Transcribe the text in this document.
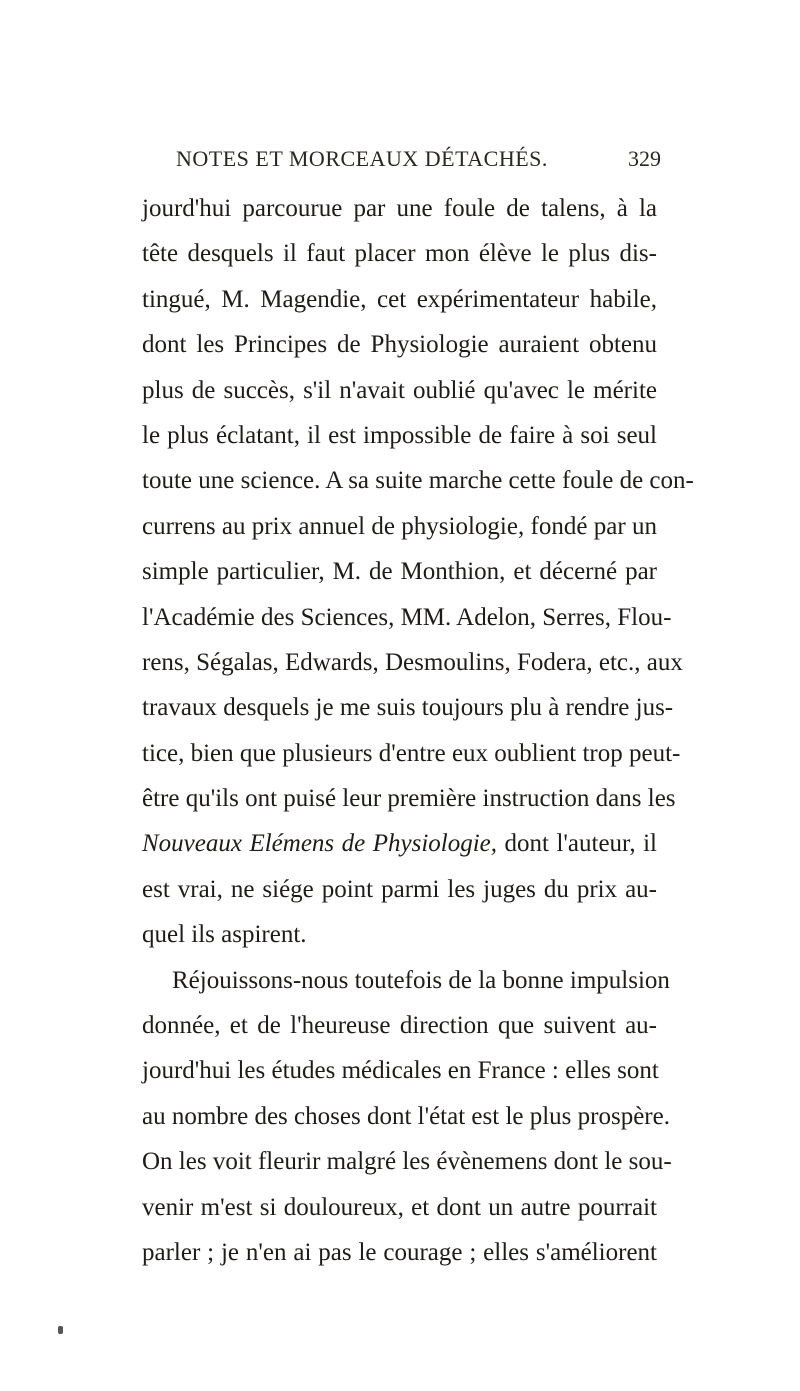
NOTES ET MORCEAUX DÉTACHÉS.	329
jourd'hui parcourue par une foule de talens, à la
tête desquels il faut placer mon élève le plus dis-
tingué, M. Magendie, cet expérimentateur habile,
dont les Principes de Physiologie auraient obtenu
plus de succès, s'il n'avait oublié qu'avec le mérite
le plus éclatant, il est impossible de faire à soi seul
toute une science. A sa suite marche cette foule de con-
currens au prix annuel de physiologie, fondé par un
simple particulier, M. de Monthion, et décerné par
l'Académie des Sciences, MM. Adelon, Serres, Flou-
rens, Ségalas, Edwards, Desmoulins, Fodera, etc., aux
travaux desquels je me suis toujours plu à rendre jus-
tice, bien que plusieurs d'entre eux oublient trop peut-
être qu'ils ont puisé leur première instruction dans les
Nouveaux Elémens de Physiologie, dont l'auteur, il
est vrai, ne siége point parmi les juges du prix au-
quel ils aspirent.
Réjouissons-nous toutefois de la bonne impulsion
donnée, et de l'heureuse direction que suivent au-
jourd'hui les études médicales en France : elles sont
au nombre des choses dont l'état est le plus prospère.
On les voit fleurir malgré les évènemens dont le sou-
venir m'est si douloureux, et dont un autre pourrait
parler ; je n'en ai pas le courage ; elles s'améliorent
